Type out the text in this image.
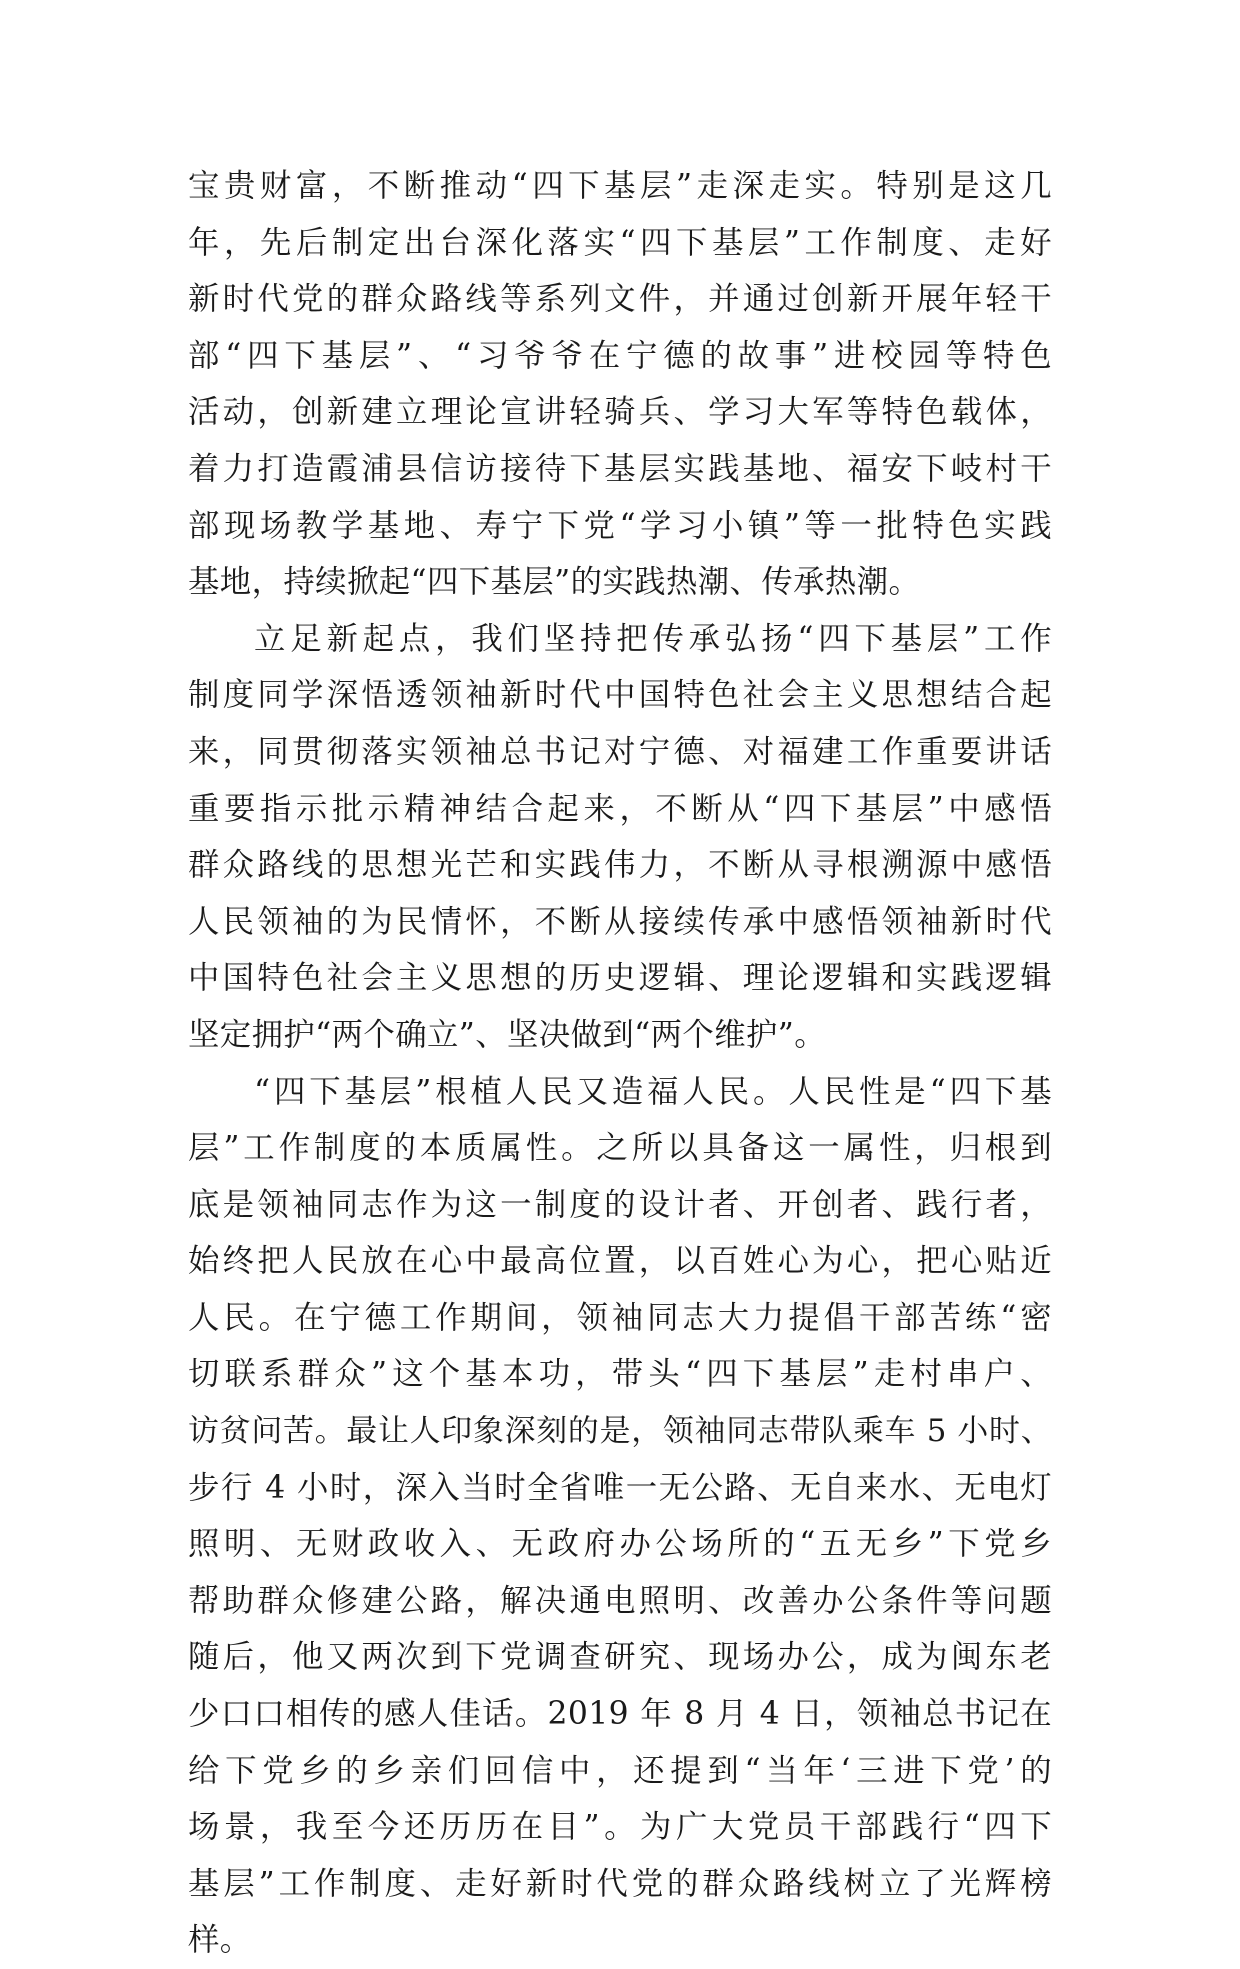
宝贵财富，不断推动“四下基层”走深走实。特别是这几
年，先后制定出台深化落实“四下基层”工作制度、走好
新时代党的群众路线等系列文件，并通过创新开展年轻干
部“四下基层”、“习爷爷在宁德的故事”进校园等特色
活动，创新建立理论宣讲轻骑兵、学习大军等特色载体，
着力打造霞浦县信访接待下基层实践基地、福安下岐村干
部现场教学基地、寿宁下党“学习小镇”等一批特色实践
基地，持续掀起“四下基层”的实践热潮、传承热潮。
立足新起点，我们坚持把传承弘扬“四下基层”工作
制度同学深悟透领袖新时代中国特色社会主义思想结合起
来，同贯彻落实领袖总书记对宁德、对福建工作重要讲话
重要指示批示精神结合起来，不断从“四下基层”中感悟
群众路线的思想光芒和实践伟力，不断从寻根溯源中感悟
人民领袖的为民情怀，不断从接续传承中感悟领袖新时代
中国特色社会主义思想的历史逻辑、理论逻辑和实践逻辑
坚定拥护“两个确立”、坚决做到“两个维护”。
“四下基层”根植人民又造福人民。人民性是“四下基
层”工作制度的本质属性。之所以具备这一属性，归根到
底是领袖同志作为这一制度的设计者、开创者、践行者，
始终把人民放在心中最高位置，以百姓心为心，把心贴近
人民。在宁德工作期间，领袖同志大力提倡干部苦练“密
切联系群众”这个基本功，带头“四下基层”走村串户、
访贫问苦。最让人印象深刻的是，领袖同志带队乘车 5 小时、
步行 4 小时，深入当时全省唯一无公路、无自来水、无电灯
照明、无财政收入、无政府办公场所的“五无乡”下党乡
帮助群众修建公路，解决通电照明、改善办公条件等问题
随后，他又两次到下党调查研究、现场办公，成为闽东老
少口口相传的感人佳话。2019 年 8 月 4 日，领袖总书记在
给下党乡的乡亲们回信中，还提到“当年‘三进下党’的
场景，我至今还历历在目”。为广大党员干部践行“四下
基层”工作制度、走好新时代党的群众路线树立了光辉榜
样。
